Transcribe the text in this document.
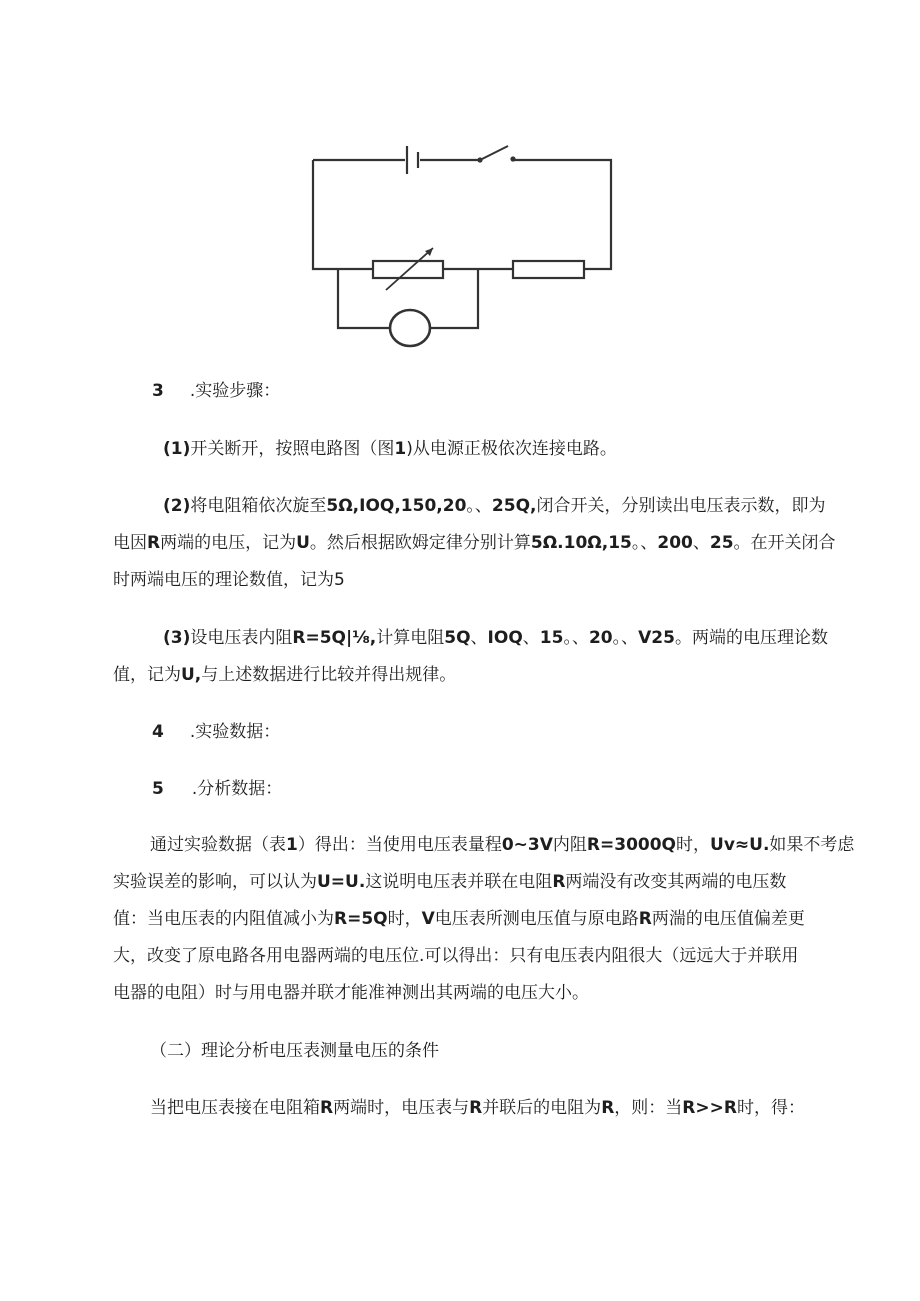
3 .实验步骤：
(1)开关断开，按照电路图（图1)从电源正极依次连接电路。
(2)将电阻箱依次旋至5Ω,IOQ,150,20。、25Q,闭合开关，分别读出电压表示数，即为
电因R两端的电压，记为U。然后根据欧姆定律分别计算5Ω.10Ω,15。、200、25。在开关闭合
时两端电压的理论数值，记为5
(3)设电压表内阻R=5Q|⅛,计算电阻5Q、IOQ、15。、20。、V25。两端的电压理论数
值，记为U,与上述数据进行比较并得出规律。
4 .实验数据：
5 .分析数据：
通过实验数据（表1）得出：当使用电压表量程0~3V内阻R=3000Q时，Uv≈U.如果不考虑
实验误差的影响，可以认为U=U.这说明电压表并联在电阻R两端没有改变其两端的电压数
值：当电压表的内阻值减小为R=5Q时，V电压表所测电压值与原电路R两湍的电压值偏差更
大，改变了原电路各用电器两端的电压位.可以得出：只有电压表内阻很大（远远大于并联用
电器的电阻）时与用电器并联才能准神测出其两端的电压大小。
（二）理论分析电压表测量电压的条件
当把电压表接在电阻箱R两端时，电压表与R并联后的电阻为R，则：当R>>R时，得：
